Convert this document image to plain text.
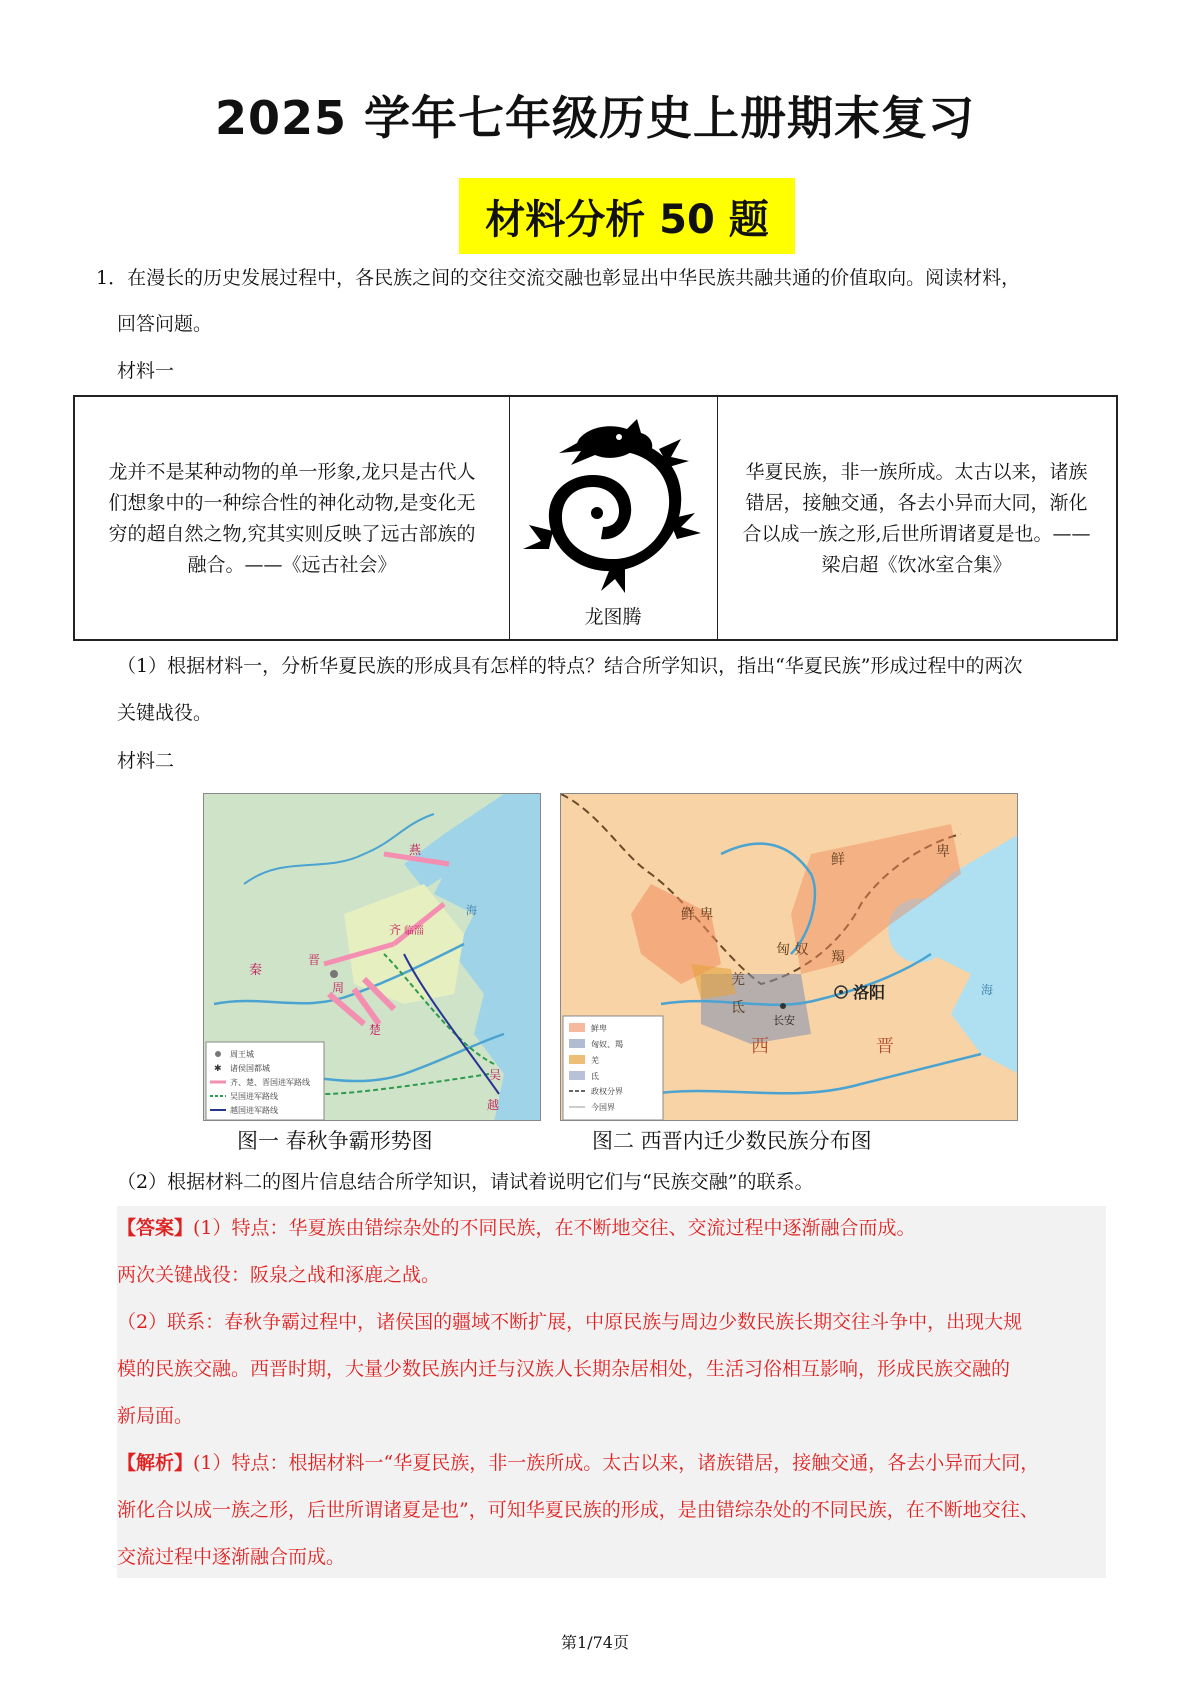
2025 学年七年级历史上册期末复习
材料分析 50 题
1．在漫长的历史发展过程中，各民族之间的交往交流交融也彰显出中华民族共融共通的价值取向。阅读材料，
回答问题。
材料一
龙并不是某种动物的单一形象,龙只是古代人
们想象中的一种综合性的神化动物,是变化无
穷的超自然之物,究其实则反映了远古部族的
融合。——《远古社会》
龙图腾
华夏民族，非一族所成。太古以来，诸族
错居，接触交通，各去小异而大同，渐化
合以成一族之形,后世所谓诸夏是也。——
梁启超《饮冰室合集》
（1）根据材料一，分析华夏民族的形成具有怎样的特点？结合所学知识，指出“华夏民族”形成过程中的两次
关键战役。
材料二
秦
晋
齐 临淄
燕
周
楚
吴
越
海
周王城
✱ 诸侯国都城
齐、楚、晋国进军路线
吴国进军路线
越国进军路线
图一 春秋争霸形势图
鲜	卑
鲜 卑
匈 奴 羯
羌
氐
洛阳
长安
西	晋
海
鲜卑
匈奴、羯
羌
氐
政权分界
今国界
图二 西晋内迁少数民族分布图
（2）根据材料二的图片信息结合所学知识，请试着说明它们与“民族交融”的联系。
【答案】(1）特点：华夏族由错综杂处的不同民族，在不断地交往、交流过程中逐渐融合而成。
两次关键战役：阪泉之战和涿鹿之战。
（2）联系：春秋争霸过程中，诸侯国的疆域不断扩展，中原民族与周边少数民族长期交往斗争中，出现大规
模的民族交融。西晋时期，大量少数民族内迁与汉族人长期杂居相处，生活习俗相互影响，形成民族交融的
新局面。
【解析】(1）特点：根据材料一“华夏民族，非一族所成。太古以来，诸族错居，接触交通，各去小异而大同，
渐化合以成一族之形，后世所谓诸夏是也”，可知华夏民族的形成，是由错综杂处的不同民族，在不断地交往、
交流过程中逐渐融合而成。
第1/74页
